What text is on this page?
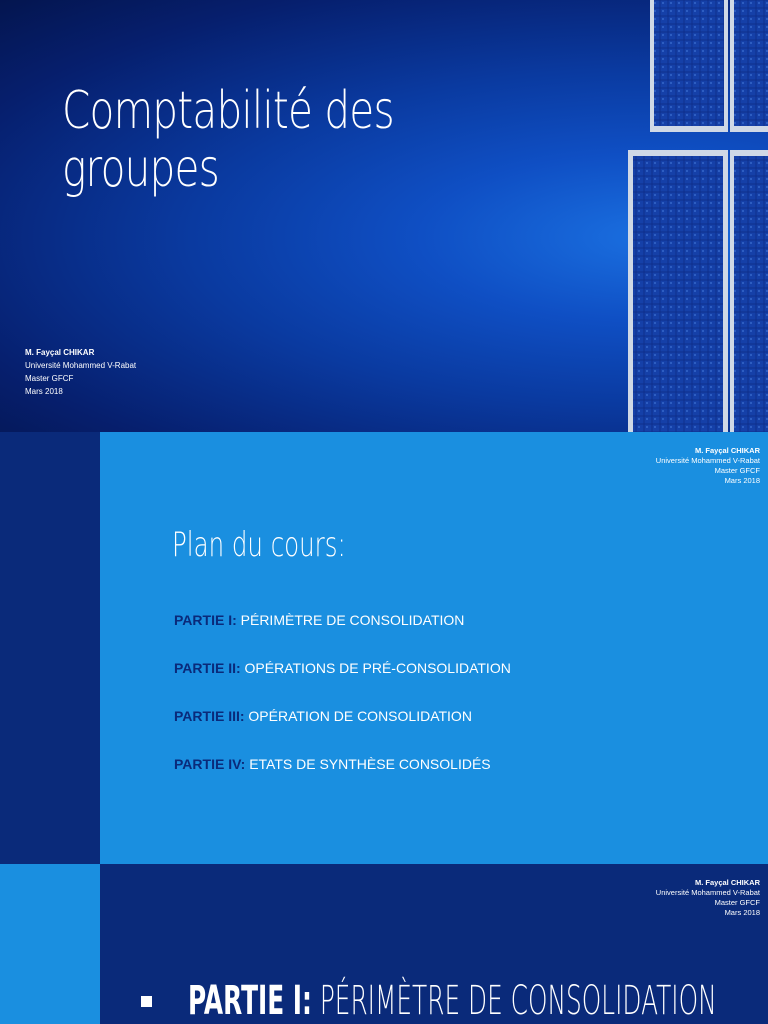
Comptabilité des
groupes
M. Fayçal CHIKAR
Université Mohammed V-Rabat
Master GFCF
Mars 2018
M. Fayçal CHIKAR
Université Mohammed V-Rabat
Master GFCF
Mars 2018
Plan du cours:
PARTIE I: PÉRIMÈTRE DE CONSOLIDATION
PARTIE II: OPÉRATIONS DE PRÉ-CONSOLIDATION
PARTIE III: OPÉRATION DE CONSOLIDATION
PARTIE IV: ETATS DE SYNTHÈSE CONSOLIDÉS
M. Fayçal CHIKAR
Université Mohammed V-Rabat
Master GFCF
Mars 2018
PARTIE I: PÉRIMÈTRE DE CONSOLIDATION
